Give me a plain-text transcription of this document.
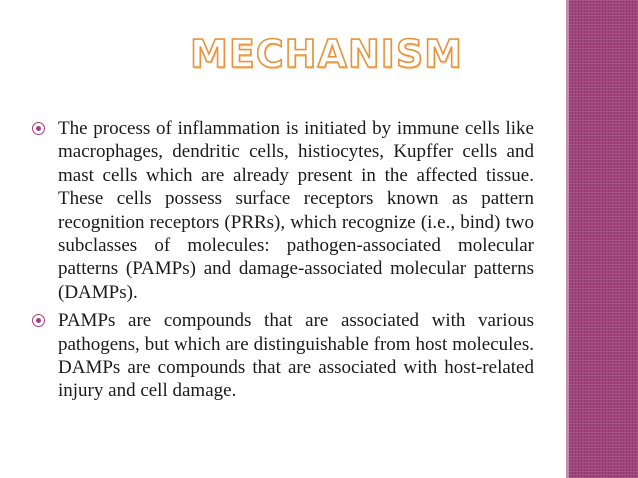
MECHANISM
The process of inflammation is initiated by immune cells like macrophages, dendritic cells, histiocytes, Kupffer cells and mast cells which are already present in the affected tissue. These cells possess surface receptors known as pattern recognition receptors (PRRs), which recognize (i.e., bind) two subclasses of molecules: pathogen-associated molecular patterns (PAMPs) and damage-associated molecular patterns (DAMPs).
PAMPs are compounds that are associated with various pathogens, but which are distinguishable from host molecules. DAMPs are compounds that are associated with host-related injury and cell damage.
